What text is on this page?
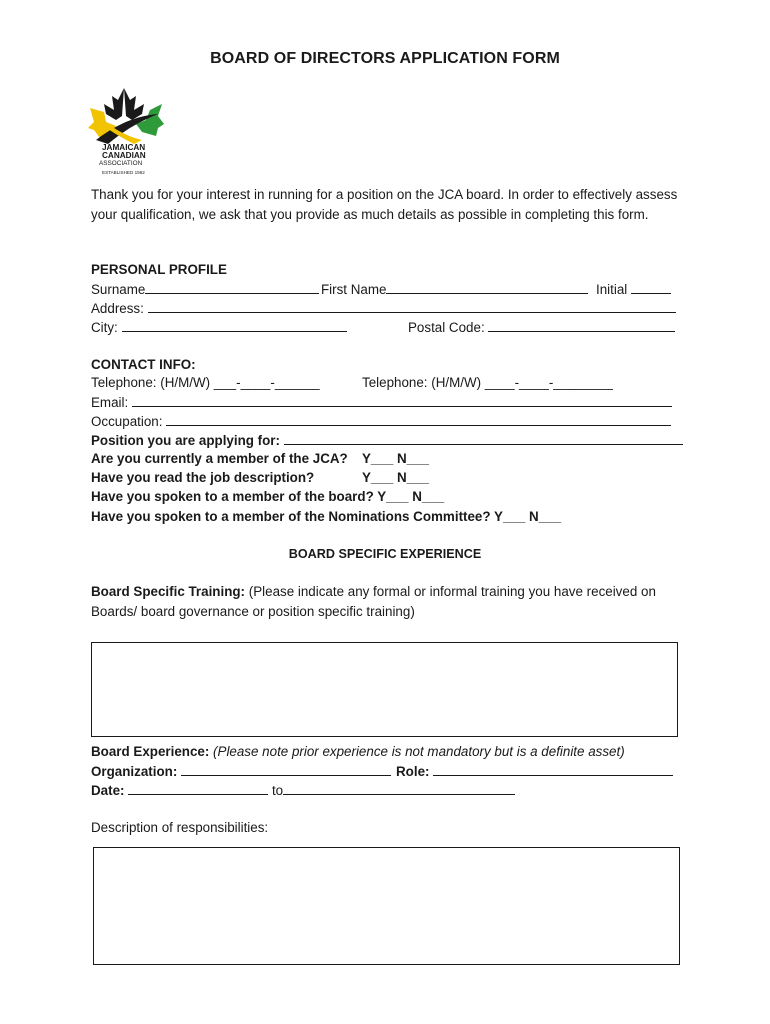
BOARD OF DIRECTORS APPLICATION FORM
JAMAICAN
CANADIAN
ASSOCIATION
ESTABLISHED 1962
Thank you for your interest in running for a position on the JCA board. In order to effectively assess your qualification, we ask that you provide as much details as possible in completing this form.
PERSONAL PROFILE
Surname	First Name	Initial
Address:
City:	Postal Code:
CONTACT INFO:
Telephone: (H/M/W) ___-____-______	Telephone: (H/M/W) ____-____-________
Email:
Occupation:
Position you are applying for:
Are you currently a member of the JCA? Y___ N___
Have you read the job description?	Y___ N___
Have you spoken to a member of the board? Y___ N___
Have you spoken to a member of the Nominations Committee? Y___ N___
BOARD SPECIFIC EXPERIENCE
Board Specific Training: (Please indicate any formal or informal training you have received on Boards/ board governance or position specific training)
Board Experience: (Please note prior experience is not mandatory but is a definite asset)
Organization:	Role:
Date:	to
Description of responsibilities:
